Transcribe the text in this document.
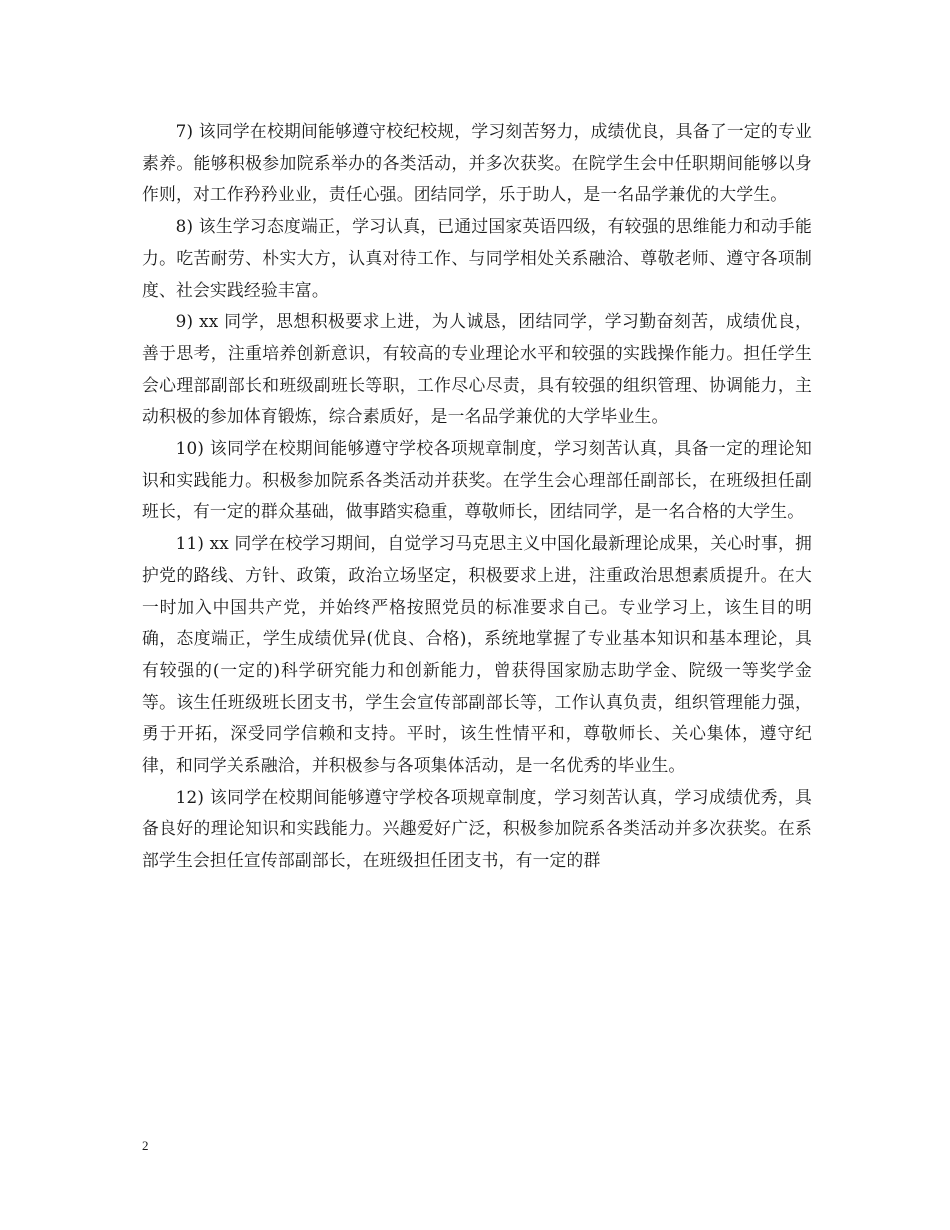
7) 该同学在校期间能够遵守校纪校规，学习刻苦努力，成绩优良，具备了一定的专业素养。能够积极参加院系举办的各类活动，并多次获奖。在院学生会中任职期间能够以身作则，对工作矜矜业业，责任心强。团结同学，乐于助人，是一名品学兼优的大学生。

8) 该生学习态度端正，学习认真，已通过国家英语四级，有较强的思维能力和动手能力。吃苦耐劳、朴实大方，认真对待工作、与同学相处关系融洽、尊敬老师、遵守各项制度、社会实践经验丰富。

9) xx 同学，思想积极要求上进，为人诚恳，团结同学，学习勤奋刻苦，成绩优良，善于思考，注重培养创新意识，有较高的专业理论水平和较强的实践操作能力。担任学生会心理部副部长和班级副班长等职，工作尽心尽责，具有较强的组织管理、协调能力，主动积极的参加体育锻炼，综合素质好，是一名品学兼优的大学毕业生。

10) 该同学在校期间能够遵守学校各项规章制度，学习刻苦认真，具备一定的理论知识和实践能力。积极参加院系各类活动并获奖。在学生会心理部任副部长，在班级担任副班长，有一定的群众基础，做事踏实稳重，尊敬师长，团结同学，是一名合格的大学生。

11) xx 同学在校学习期间，自觉学习马克思主义中国化最新理论成果，关心时事，拥护党的路线、方针、政策，政治立场坚定，积极要求上进，注重政治思想素质提升。在大一时加入中国共产党，并始终严格按照党员的标准要求自己。专业学习上，该生目的明确，态度端正，学生成绩优异(优良、合格)，系统地掌握了专业基本知识和基本理论，具有较强的(一定的)科学研究能力和创新能力，曾获得国家励志助学金、院级一等奖学金等。该生任班级班长团支书，学生会宣传部副部长等，工作认真负责，组织管理能力强，勇于开拓，深受同学信赖和支持。平时，该生性情平和，尊敬师长、关心集体，遵守纪律，和同学关系融洽，并积极参与各项集体活动，是一名优秀的毕业生。

12) 该同学在校期间能够遵守学校各项规章制度，学习刻苦认真，学习成绩优秀，具备良好的理论知识和实践能力。兴趣爱好广泛，积极参加院系各类活动并多次获奖。在系部学生会担任宣传部副部长，在班级担任团支书，有一定的群

2
